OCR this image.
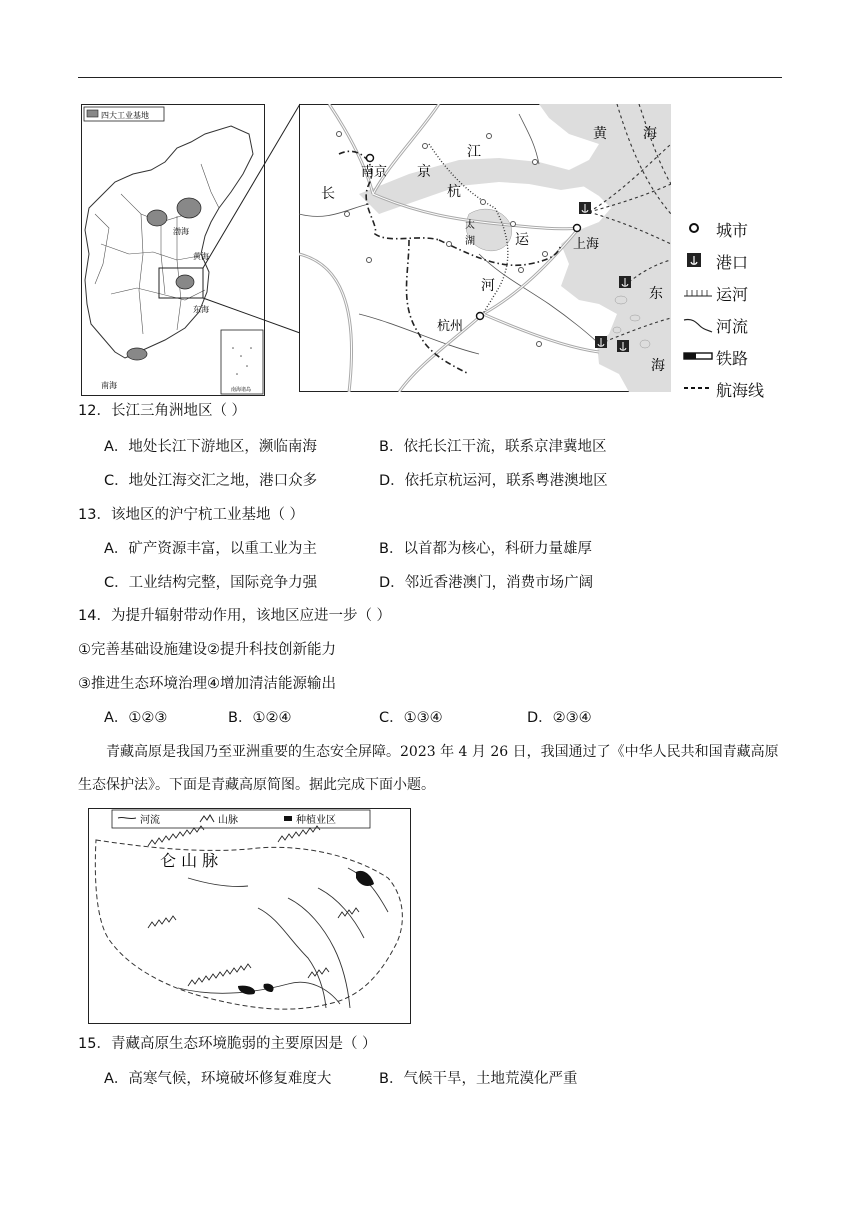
四大工业基地
渤海
黄海
东海
南海	南海诸岛
南京
杭州
上海
江
京
杭
运
河
长
太
湖
黄	海
东
海
城市
港口
运河
河流
铁路
航海线
12．长江三角洲地区（ ）
A．地处长江下游地区，濒临南海	B．依托长江干流，联系京津冀地区
C．地处江海交汇之地，港口众多	D．依托京杭运河，联系粤港澳地区
13．该地区的沪宁杭工业基地（ ）
A．矿产资源丰富，以重工业为主	B．以首都为核心，科研力量雄厚
C．工业结构完整，国际竞争力强	D．邻近香港澳门，消费市场广阔
14．为提升辐射带动作用，该地区应进一步（ ）
①完善基础设施建设②提升科技创新能力
③推进生态环境治理④增加清洁能源输出
A．①②③	B．①②④	C．①③④	D．②③④
青藏高原是我国乃至亚洲重要的生态安全屏障。2023 年 4 月 26 日，我国通过了《中华人民共和国青藏高原生态保护法》。下面是青藏高原简图。据此完成下面小题。
河流	山脉	种植业区
仑 山 脉
15．青藏高原生态环境脆弱的主要原因是（ ）
A．高寒气候，环境破坏修复难度大	B．气候干旱，土地荒漠化严重
